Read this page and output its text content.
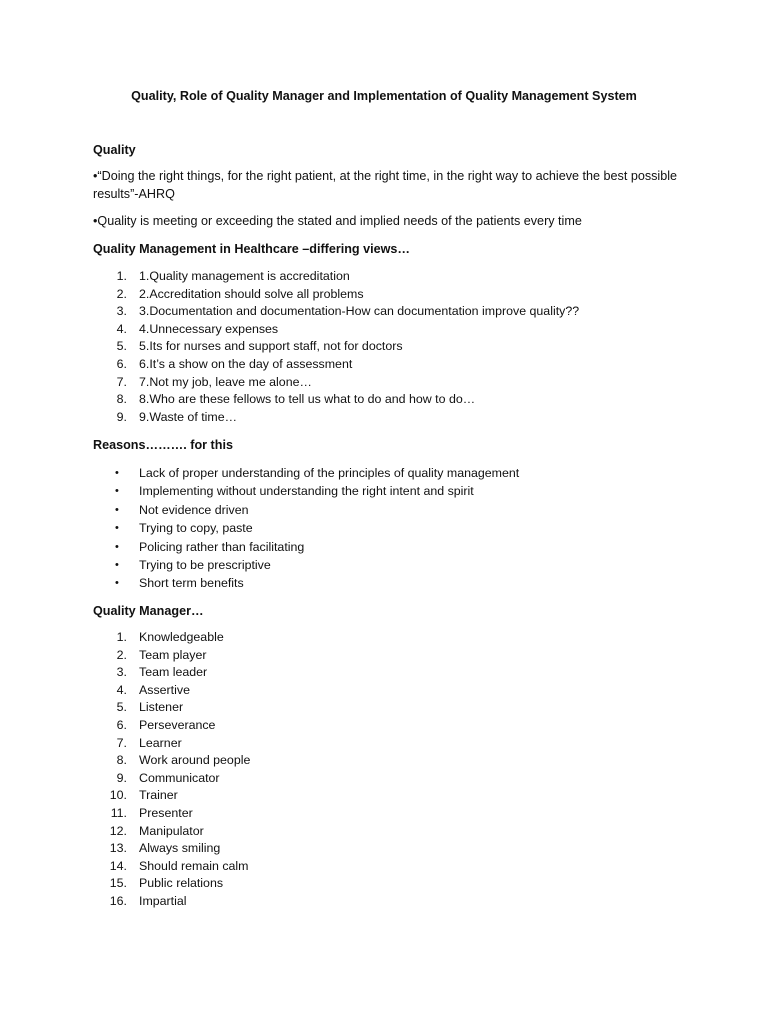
Quality, Role of Quality Manager and Implementation of Quality Management System

Quality

•“Doing the right things, for the right patient, at the right time, in the right way to achieve the best possible results”-AHRQ

•Quality is meeting or exceeding the stated and implied needs of the patients every time

Quality Management in Healthcare –differing views…

1. 1.Quality management is accreditation
2. 2.Accreditation should solve all problems
3. 3.Documentation and documentation-How can documentation improve quality??
4. 4.Unnecessary expenses
5. 5.Its for nurses and support staff, not for doctors
6. 6.It’s a show on the day of assessment
7. 7.Not my job, leave me alone…
8. 8.Who are these fellows to tell us what to do and how to do…
9. 9.Waste of time…

Reasons………. for this

• Lack of proper understanding of the principles of quality management
• Implementing without understanding the right intent and spirit
• Not evidence driven
• Trying to copy, paste
• Policing rather than facilitating
• Trying to be prescriptive
• Short term benefits

Quality Manager…

1. Knowledgeable
2. Team player
3. Team leader
4. Assertive
5. Listener
6. Perseverance
7. Learner
8. Work around people
9. Communicator
10. Trainer
11. Presenter
12. Manipulator
13. Always smiling
14. Should remain calm
15. Public relations
16. Impartial
